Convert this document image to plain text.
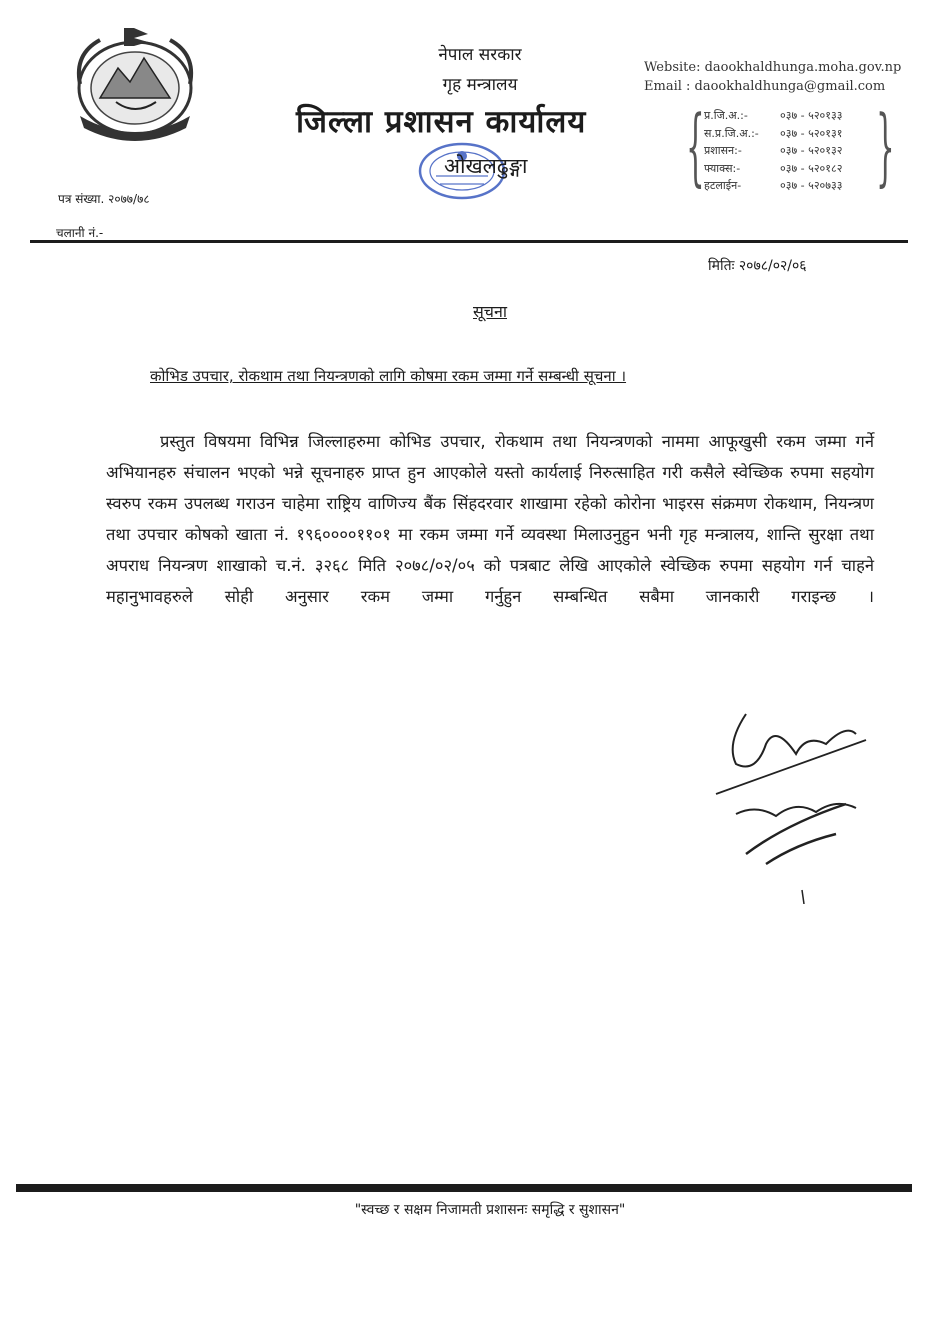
नेपाल सरकार
गृह मन्त्रालय
जिल्ला प्रशासन कार्यालय
ओखलढुङ्गा
Website: daookhaldhunga.moha.gov.np
Email : daookhaldhunga@gmail.com
{ प्र.जि.अ.:-	०३७ - ५२०१३३
स.प्र.जि.अ.:-	०३७ - ५२०१३१
प्रशासन:-	०३७ - ५२०१३२
फ्याक्स:-	०३७ - ५२०१८२
हटलाईन-	०३७ - ५२०७३३ }
पत्र संख्या. २०७७/७८
चलानी नं.-
मितिः २०७८/०२/०६
सूचना
कोभिड उपचार, रोकथाम तथा नियन्त्रणको लागि कोषमा रकम जम्मा गर्ने सम्बन्धी सूचना ।

प्रस्तुत विषयमा विभिन्न जिल्लाहरुमा कोभिड उपचार, रोकथाम तथा नियन्त्रणको नाममा आफूखुसी रकम जम्मा गर्ने अभियानहरु संचालन भएको भन्ने सूचनाहरु प्राप्त हुन आएकोले यस्तो कार्यलाई निरुत्साहित गरी कसैले स्वेच्छिक रुपमा सहयोग स्वरुप रकम उपलब्ध गराउन चाहेमा राष्ट्रिय वाणिज्य बैंक सिंहदरवार शाखामा रहेको कोरोना भाइरस संक्रमण रोकथाम, नियन्त्रण तथा उपचार कोषको खाता नं. १९६००००११०१ मा रकम जम्मा गर्ने व्यवस्था मिलाउनुहुन भनी गृह मन्त्रालय, शान्ति सुरक्षा तथा अपराध नियन्त्रण शाखाको च.नं. ३२६८ मिति २०७८/०२/०५ को पत्रबाट लेखि आएकोले स्वेच्छिक रुपमा सहयोग गर्न चाहने महानुभावहरुले सोही अनुसार रकम जम्मा गर्नुहुन सम्बन्धित सबैमा जानकारी गराइन्छ ।

"स्वच्छ र सक्षम निजामती प्रशासनः समृद्धि र सुशासन"
